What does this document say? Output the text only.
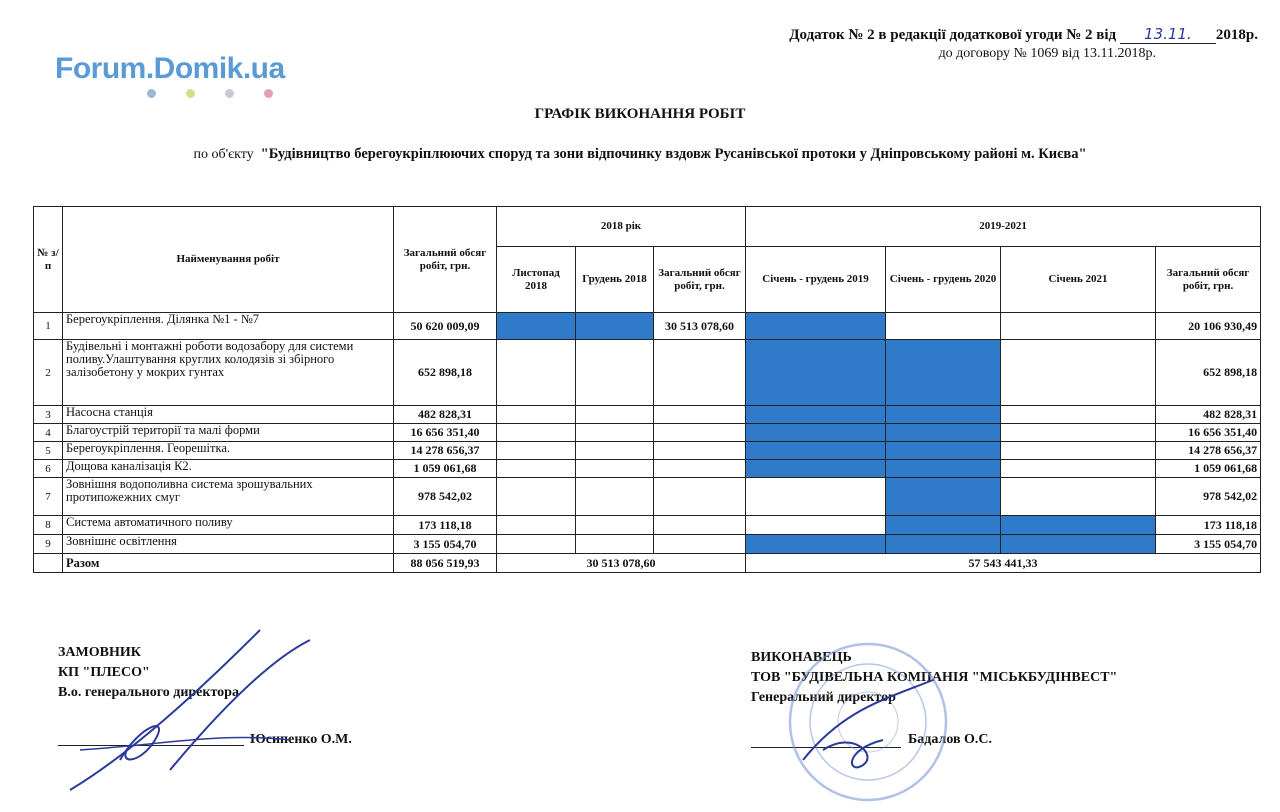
Forum.Domik.ua
Додаток № 2 в редакції додаткової угоди № 2 від 13.11. 2018р.
до договору № 1069 від 13.11.2018р.
ГРАФІК ВИКОНАННЯ РОБІТ
по об'єкту "Будівництво берегоукріплюючих споруд та зони відпочинку вздовж Русанівської протоки у Дніпровському районі м. Києва"
№ з/п	Найменування робіт	Загальний обсяг робіт, грн.	2018 рік			2019-2021			
			Листопад 2018	Грудень 2018	Загальний обсяг робіт, грн.	Січень - грудень 2019	Січень - грудень 2020	Січень 2021	Загальний обсяг робіт, грн.
1	Берегоукріплення. Ділянка №1 - №7	50 620 009,09			30 513 078,60				20 106 930,49
2	Будівельні і монтажні роботи водозабору для системи поливу.Улаштування круглих колодязів зі збірного залізобетону у мокрих гунтах	652 898,18							652 898,18
3	Насосна станція	482 828,31							482 828,31
4	Благоустрій території та малі форми	16 656 351,40							16 656 351,40
5	Берегоукріплення. Георешітка.	14 278 656,37							14 278 656,37
6	Дощова каналізація К2.	1 059 061,68							1 059 061,68
7	Зовнішня водополивна система зрошувальних протипожежних смуг	978 542,02							978 542,02
8	Система автоматичного поливу	173 118,18							173 118,18
9	Зовнішнє освітлення	3 155 054,70							3 155 054,70
	Разом	88 056 519,93	30 513 078,60			57 543 441,33			
ЗАМОВНИК
КП "ПЛЕСО"
В.о. генерального директора
Юсипенко О.М.
ВИКОНАВЕЦЬ
ТОВ "БУДІВЕЛЬНА КОМПАНІЯ "МІСЬКБУДІНВЕСТ"
Генеральний директор
Бадалов О.С.
